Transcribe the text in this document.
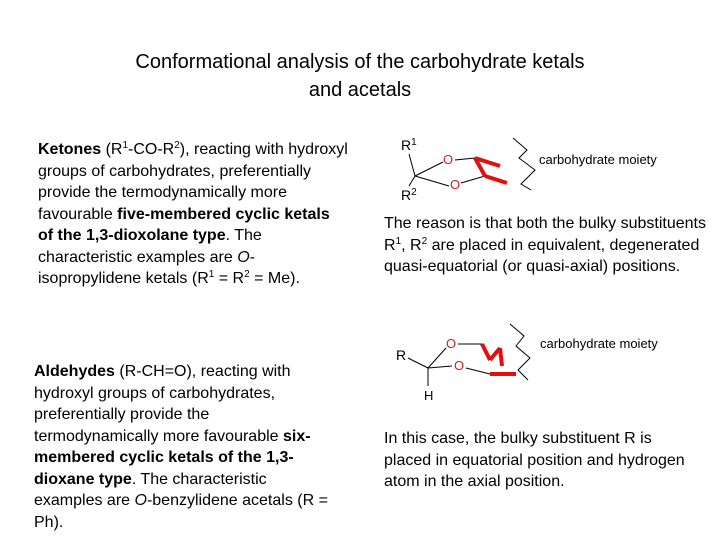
Conformational analysis of the carbohydrate ketals
and acetals
Ketones $(R^1-CO-R^2)$, reacting with hydroxyl groups of carbohydrates, preferentially provide the termodynamically more favourable five-membered cyclic ketals of the 1,3-dioxolane type. The characteristic examples are O-isopropylidene ketals $(R^1 = R^2 = Me)$.
Aldehydes (R-CH=O), reacting with hydroxyl groups of carbohydrates, preferentially provide the termodynamically more favourable six-membered cyclic ketals of the 1,3-dioxane type. The characteristic examples are O-benzylidene acetals (R = Ph).
The reason is that both the bulky substituents $R^1$, $R^2$ are placed in equivalent, degenerated quasi-equatorial (or quasi-axial) positions.
In this case, the bulky substituent R is placed in equatorial position and hydrogen atom in the axial position.
$R^1$
$R^2$
O
O
carbohydrate moiety
R
H
O
O
carbohydrate moiety
